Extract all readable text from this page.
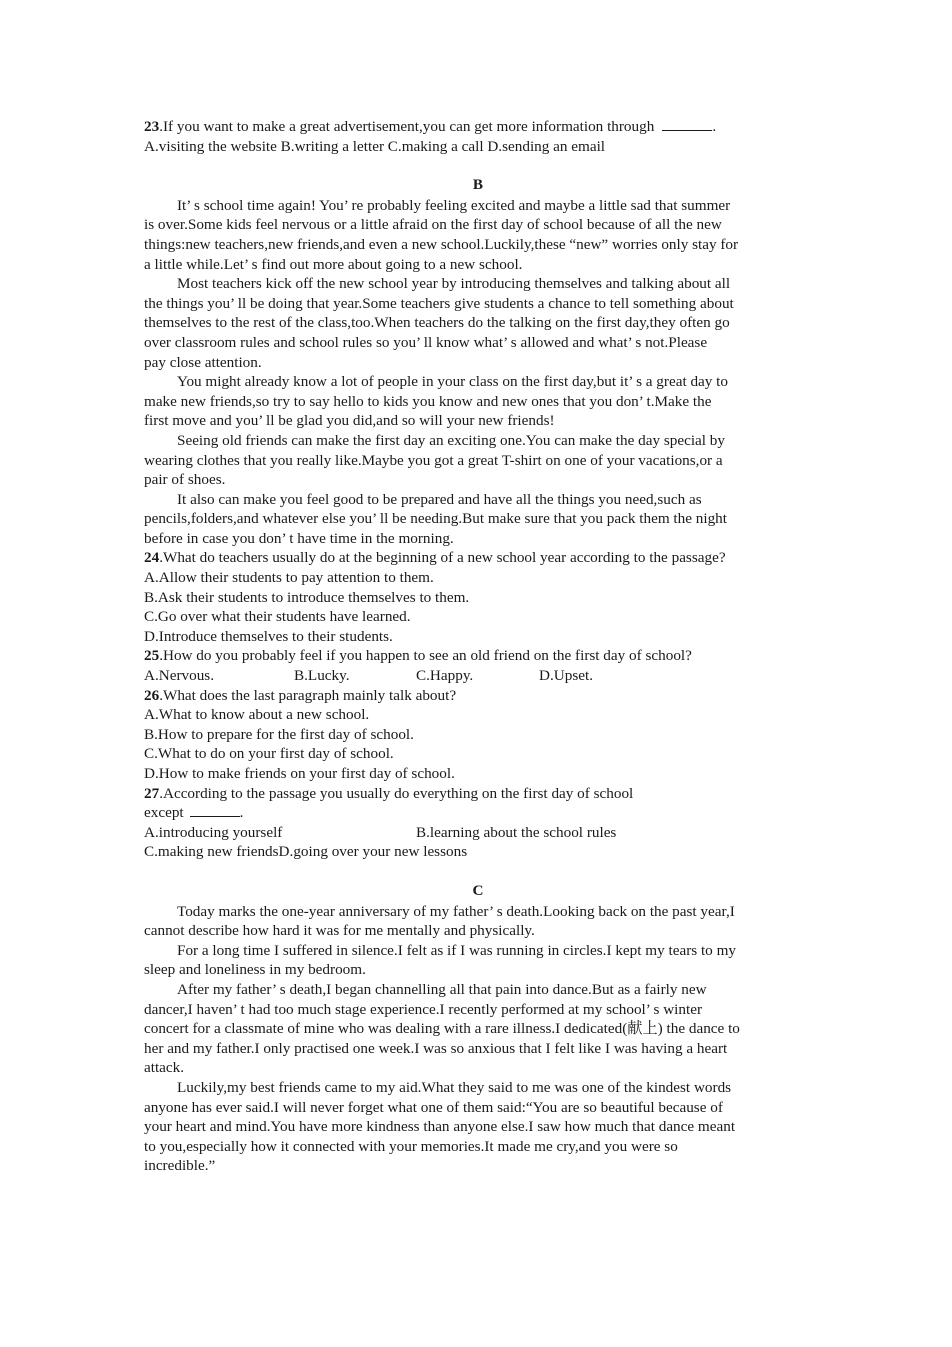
23.If you want to make a great advertisement,you can get more information through	.
A.visiting the website B.writing a letter C.making a call D.sending an email
B
It’ s school time again! You’ re probably feeling excited and maybe a little sad that summer
is over.Some kids feel nervous or a little afraid on the first day of school because of all the new
things:new teachers,new friends,and even a new school.Luckily,these “new” worries only stay for
a little while.Let’ s find out more about going to a new school.
Most teachers kick off the new school year by introducing themselves and talking about all
the things you’ ll be doing that year.Some teachers give students a chance to tell something about
themselves to the rest of the class,too.When teachers do the talking on the first day,they often go
over classroom rules and school rules so you’ ll know what’ s allowed and what’ s not.Please
pay close attention.
You might already know a lot of people in your class on the first day,but it’ s a great day to
make new friends,so try to say hello to kids you know and new ones that you don’ t.Make the
first move and you’ ll be glad you did,and so will your new friends!
Seeing old friends can make the first day an exciting one.You can make the day special by
wearing clothes that you really like.Maybe you got a great T-shirt on one of your vacations,or a
pair of shoes.
It also can make you feel good to be prepared and have all the things you need,such as
pencils,folders,and whatever else you’ ll be needing.But make sure that you pack them the night
before in case you don’ t have time in the morning.
24.What do teachers usually do at the beginning of a new school year according to the passage?
A.Allow their students to pay attention to them.
B.Ask their students to introduce themselves to them.
C.Go over what their students have learned.
D.Introduce themselves to their students.
25.How do you probably feel if you happen to see an old friend on the first day of school?
A.Nervous.	B.Lucky.	C.Happy.	D.Upset.
26.What does the last paragraph mainly talk about?
A.What to know about a new school.
B.How to prepare for the first day of school.
C.What to do on your first day of school.
D.How to make friends on your first day of school.
27.According to the passage you usually do everything on the first day of school
except	.
A.introducing yourself	B.learning about the school rules
C.making new friendsD.going over your new lessons
C
Today marks the one-year anniversary of my father’ s death.Looking back on the past year,I
cannot describe how hard it was for me mentally and physically.
For a long time I suffered in silence.I felt as if I was running in circles.I kept my tears to my
sleep and loneliness in my bedroom.
After my father’ s death,I began channelling all that pain into dance.But as a fairly new
dancer,I haven’ t had too much stage experience.I recently performed at my school’ s winter
concert for a classmate of mine who was dealing with a rare illness.I dedicated(献上) the dance to
her and my father.I only practised one week.I was so anxious that I felt like I was having a heart
attack.
Luckily,my best friends came to my aid.What they said to me was one of the kindest words
anyone has ever said.I will never forget what one of them said:“You are so beautiful because of
your heart and mind.You have more kindness than anyone else.I saw how much that dance meant
to you,especially how it connected with your memories.It made me cry,and you were so
incredible.”
